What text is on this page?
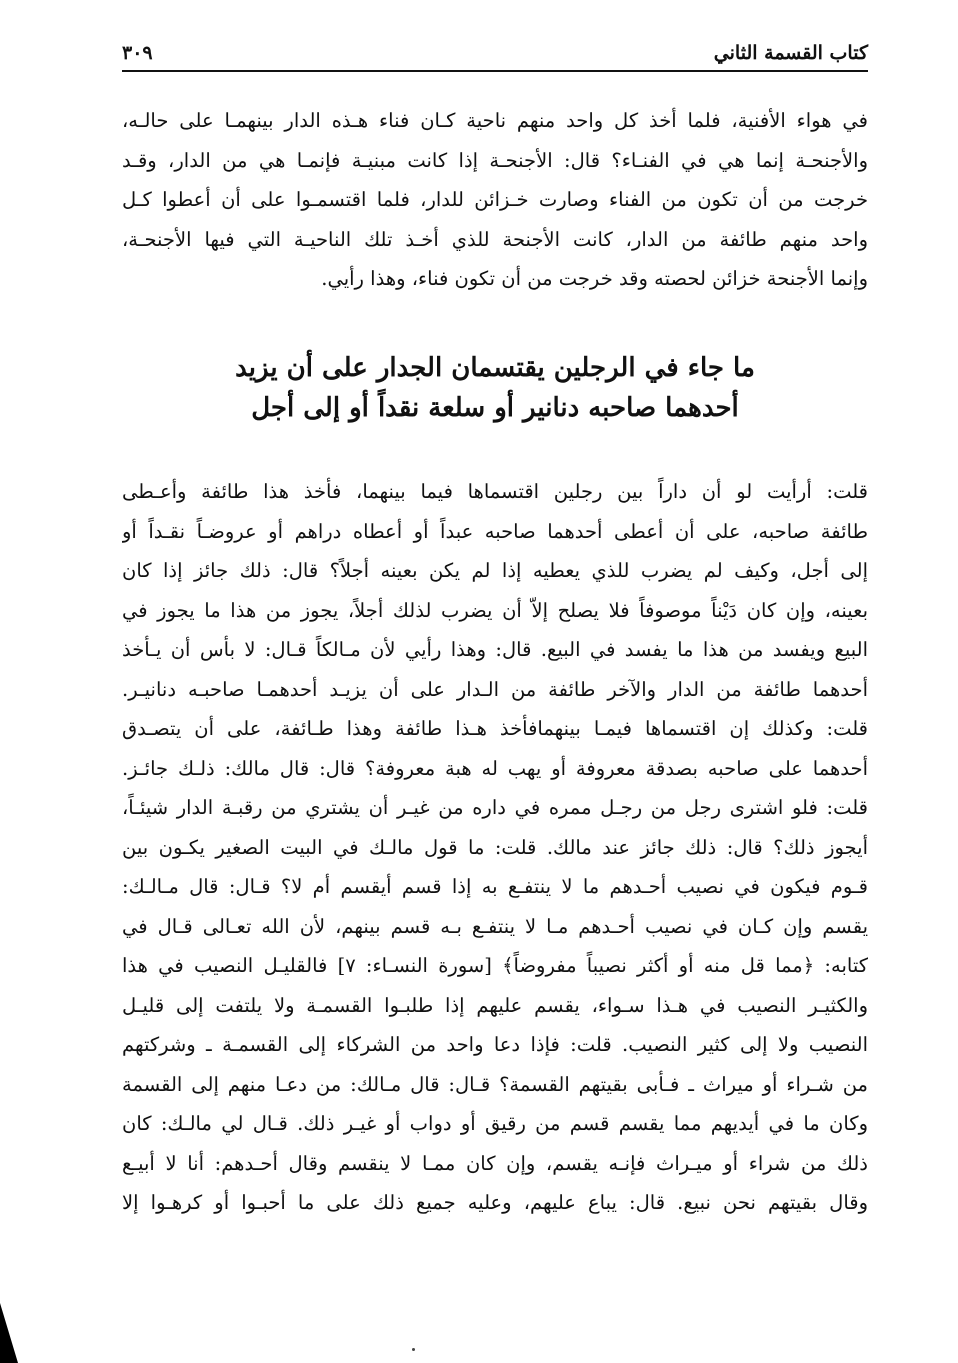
كتاب القسمة الثاني
٣٠٩
في هواء الأفنية، فلما أخذ كل واحد منهم ناحية كـان فناء هـذه الدار بينهمـا على حالـه،
والأجنحـة إنما هي في الفنـاء؟ قال: الأجنحـة إذا كانت مبنيـة فإنمـا هي من الدار، وقـد
خرجت من أن تكون من الفناء وصارت خـزائن للدار، فلما اقتسمـوا على أن أعطوا كـل
واحد منهم طائفة من الدار، كانت الأجنحة للذي أخـذ تلك الناحيـة التي فيها الأجنحـة،
وإنما الأجنحة خزائن لحصته وقد خرجت من أن تكون فناء، وهذا رأيي.
ما جاء في الرجلين يقتسمان الجدار على أن يزيد
أحدهما صاحبه دنانير أو سلعة نقداً أو إلى أجل
قلت: أرأيت لو أن داراً بين رجلين اقتسماها فيما بينهما، فأخذ هذا طائفة وأعـطى
طائفة صاحبه، على أن أعطى أحدهما صاحبه عبداً أو أعطاه دراهم أو عروضـاً نقـداً أو
إلى أجل، وكيف لم يضرب للذي يعطيه إذا لم يكن بعينه أجلاً؟ قال: ذلك جائز إذا كان
بعينه، وإن كان دَيْناً موصوفاً فلا يصلح إلاّ أن يضرب لذلك أجلاً، يجوز من هذا ما يجوز في
البيع ويفسد من هذا ما يفسد في البيع. قال: وهذا رأيي لأن مـالكاً قـال: لا بأس أن يـأخذ
أحدهما طائفة من الدار والآخر طائفة من الـدار على أن يزيـد أحدهمـا صاحبـه دنانيـر.
قلت: وكذلك إن اقتسماها فيمـا بينهمافأخذ هـذا طائفة وهذا طـائفة، على أن يتصـدق
أحدهما على صاحبه بصدقة معروفة أو يهب له هبة معروفة؟ قال: قال مالك: ذلـك جائـز.
قلت: فلو اشترى رجل من رجـل ممره في داره من غيـر أن يشتري من رقبـة الدار شيئـاً،
أيجوز ذلك؟ قال: ذلك جائز عند مالك. قلت: ما قول مالـك في البيت الصغير يكـون بين
قـوم فيكون في نصيب أحـدهم ما لا ينتفـع به إذا قسم أيقسم أم لا؟ قـال: قال مـالـك:
يقسم وإن كـان في نصيب أحـدهم مـا لا ينتفـع بـه قسم بينهم، لأن الله تعـالى قـال في
كتابه: ﴿مما قل منه أو أكثر نصيباً مفروضاً﴾ [سورة النسـاء: ٧] فالقليـل النصيب في هذا
والكثيـر النصيب في هـذا سـواء، يقسم عليهم إذا طلبـوا القسمـة ولا يلتفت إلى قليـل
النصيب ولا إلى كثير النصيب. قلت: فإذا دعا واحد من الشركاء إلى القسمـة ـ وشركتهم
من شـراء أو ميراث ـ فـأبى بقيتهم القسمة؟ قـال: قال مـالك: من دعـا منهم إلى القسمة
وكان ما في أيديهم مما يقسم قسم من رقيق أو دواب أو غيـر ذلك. قـال لي مالـك: كان
ذلك من شراء أو ميـراث فإنـه يقسم، وإن كان ممـا لا ينقسم وقال أحـدهم: أنا لا أبيـع
وقال بقيتهم نحن نبيع. قال: يباع عليهم، وعليه جميع ذلك على ما أحبـوا أو كرهـوا إلا
